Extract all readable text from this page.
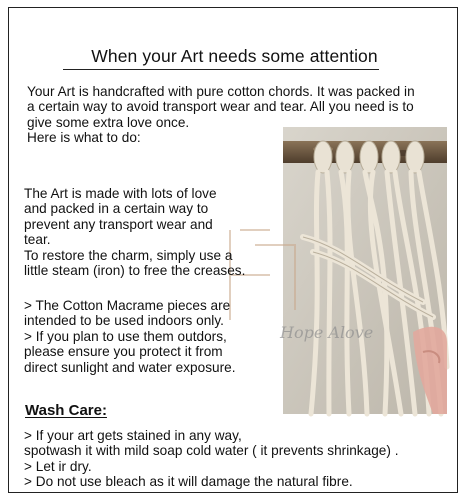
When your Art needs some attention
Your Art is handcrafted with pure cotton chords. It was packed in
a certain way to avoid transport wear and tear. All you need is to
give some extra love once.
Here is what to do:
Hope Alove
The Art is made with lots of love
and packed in a certain way to
prevent any transport wear and
tear.
To restore the charm, simply use a
little steam (iron) to free the creases.
> The Cotton Macrame pieces are
intended to be used indoors only.
> If you plan to use them outdors,
please ensure you protect it from
direct sunlight and water exposure.
Wash Care:
> If your art gets stained in any way,
spotwash it with mild soap cold water ( it prevents shrinkage) .
> Let ir dry.
> Do not use bleach as it will damage the natural fibre.
